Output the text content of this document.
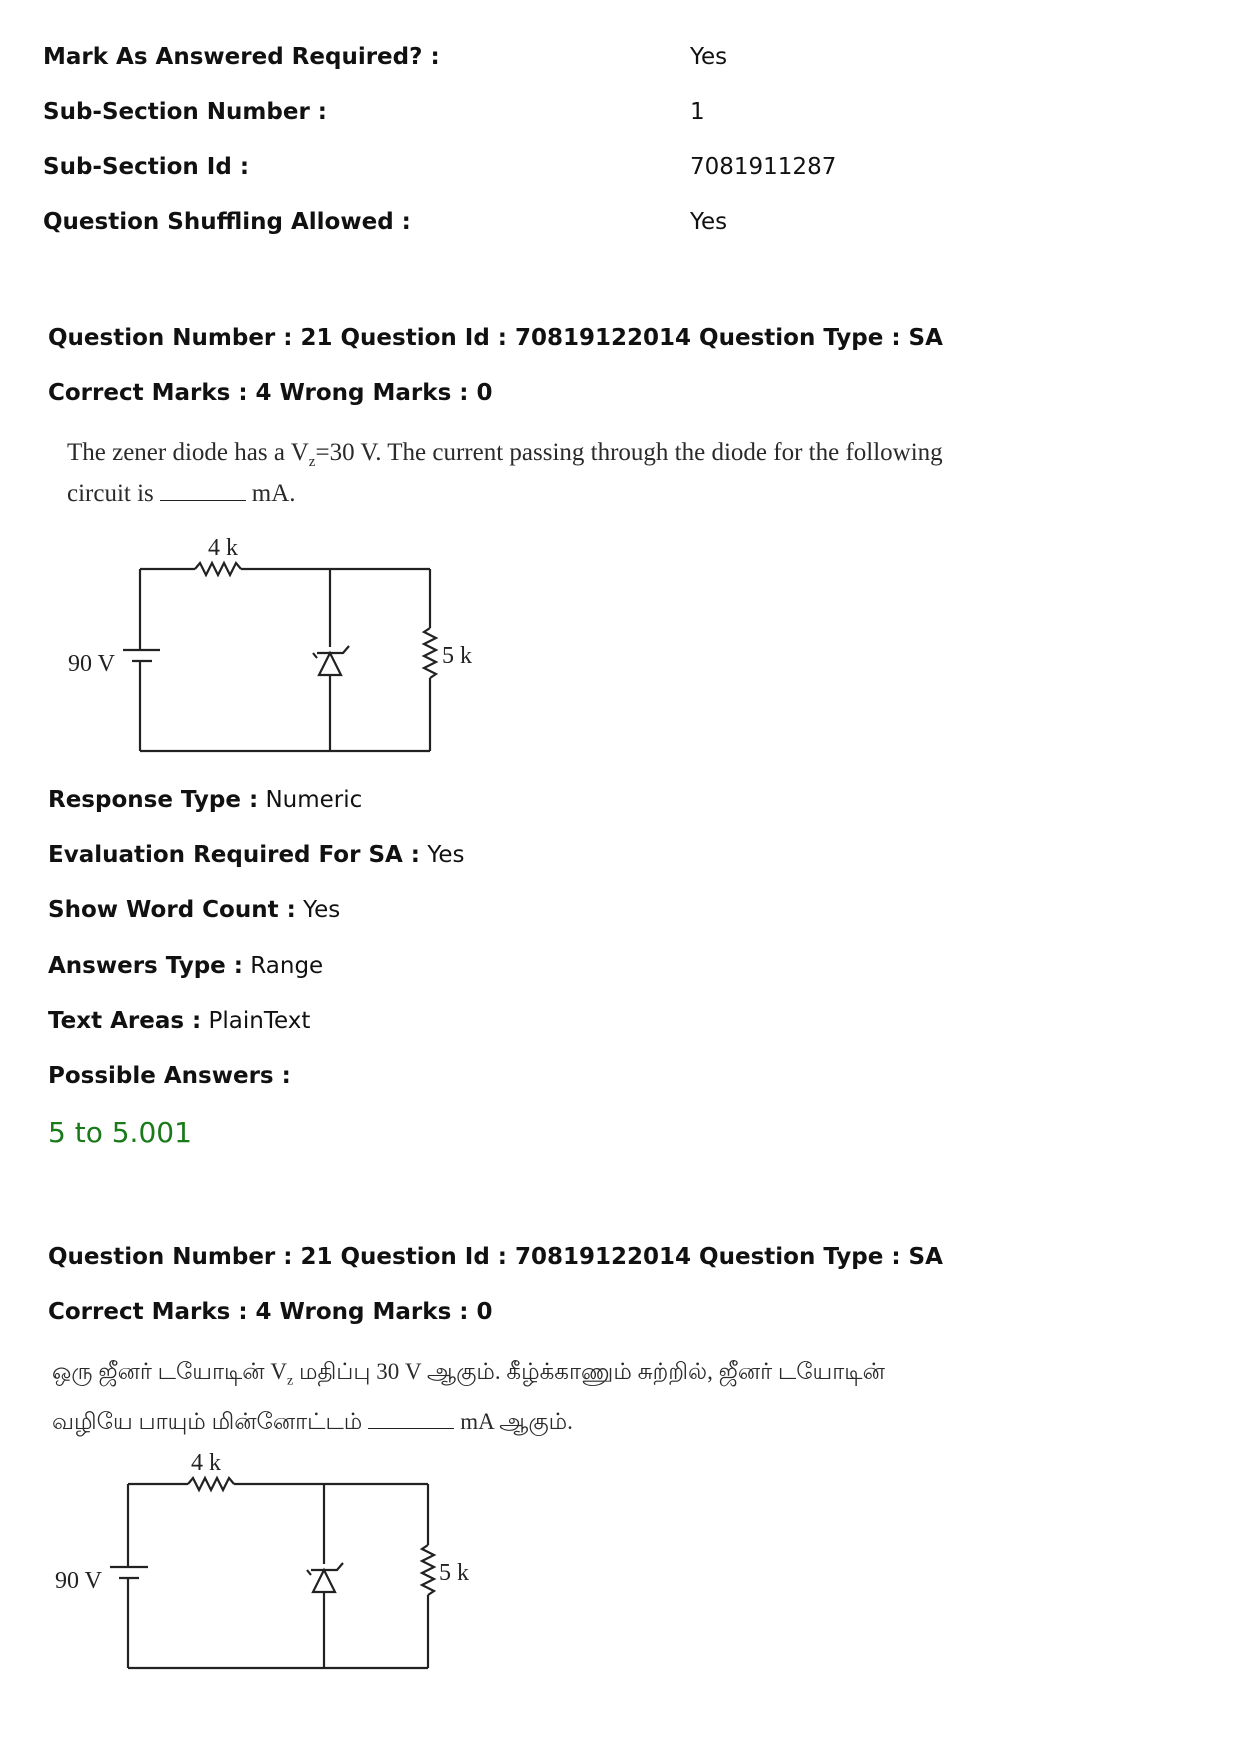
Mark As Answered Required? :	Yes
Sub-Section Number :	1
Sub-Section Id :	7081911287
Question Shuffling Allowed :	Yes
Question Number : 21 Question Id : 70819122014 Question Type : SA
Correct Marks : 4 Wrong Marks : 0
The zener diode has a $V_z=30$ V. The current passing through the diode for the following
circuit is	mA.
4 k
90 V	5 k
Response Type : Numeric
Evaluation Required For SA : Yes
Show Word Count : Yes
Answers Type : Range
Text Areas : PlainText
Possible Answers :
5 to 5.001
Question Number : 21 Question Id : 70819122014 Question Type : SA
Correct Marks : 4 Wrong Marks : 0
ஒரு ஜீனர் டயோடின் $V_z$ மதிப்பு 30 V ஆகும். கீழ்க்காணும் சுற்றில், ஜீனர் டயோடின்
வழியே பாயும் மின்னோட்டம்	mA ஆகும்.
4 k
90 V	5 k
